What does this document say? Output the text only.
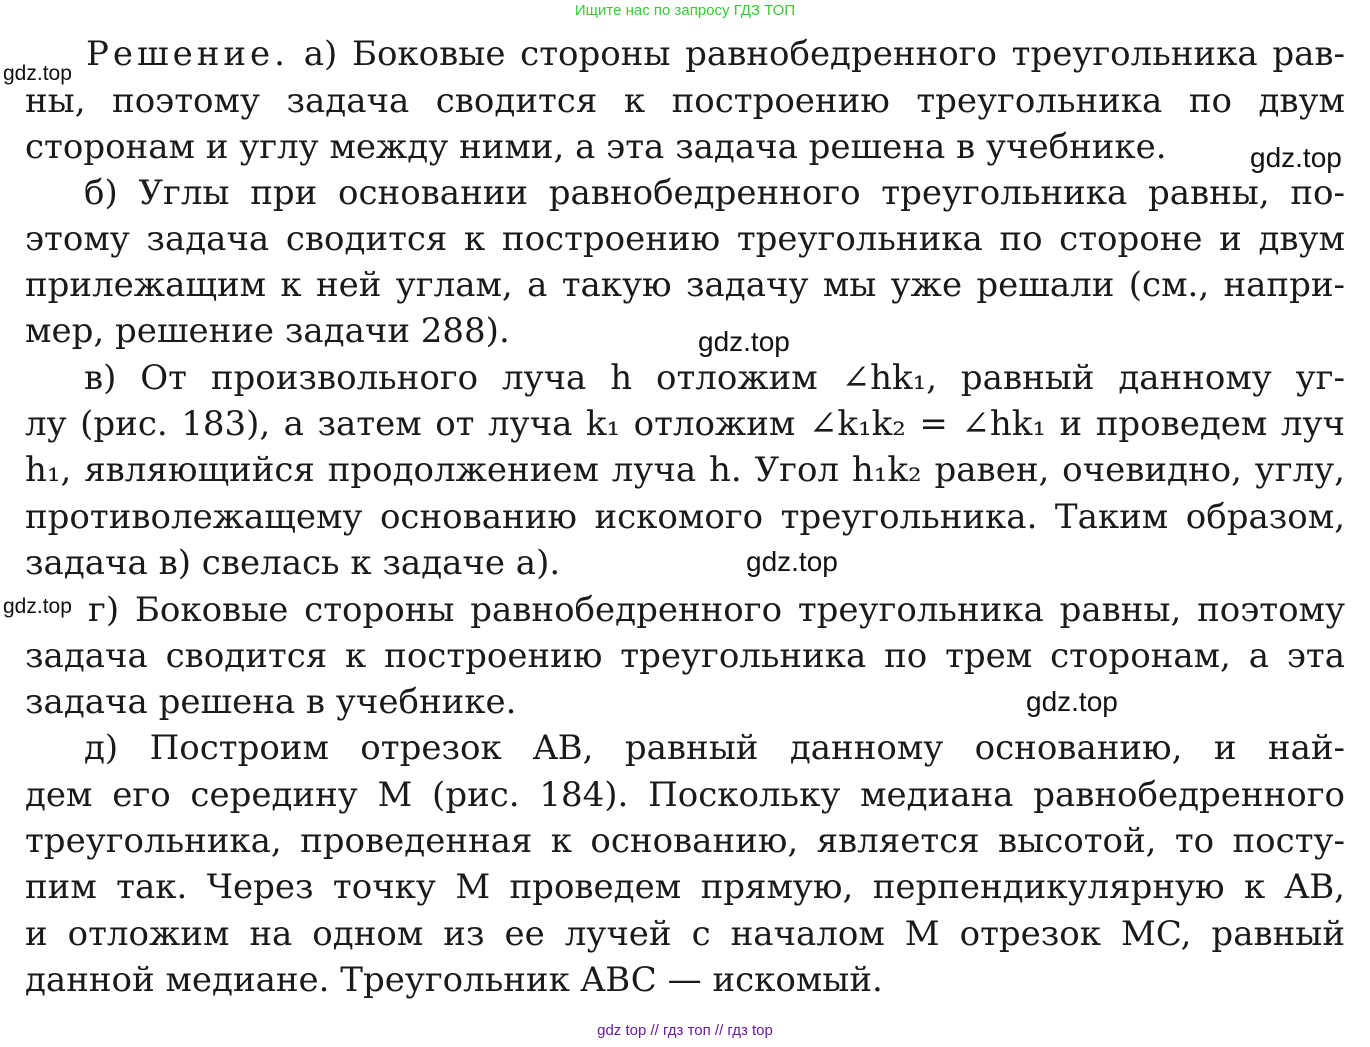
Ищите нас по запросу ГДЗ ТОП
gdz.top
gdz.top
gdz.top
gdz.top
gdz.top
gdz.top
Решение. а) Боковые стороны равнобедренного треугольника рав-
ны, поэтому задача сводится к построению треугольника по двум
сторонам и углу между ними, а эта задача решена в учебнике.
б) Углы при основании равнобедренного треугольника равны, по-
этому задача сводится к построению треугольника по стороне и двум
прилежащим к ней углам, а такую задачу мы уже решали (см., напри-
мер, решение задачи 288).
в) От произвольного луча h отложим ∠hk₁, равный данному уг-
лу (рис. 183), а затем от луча k₁ отложим ∠k₁k₂ = ∠hk₁ и проведем луч
h₁, являющийся продолжением луча h. Угол h₁k₂ равен, очевидно, углу,
противолежащему основанию искомого треугольника. Таким образом,
задача в) свелась к задаче а).
г) Боковые стороны равнобедренного треугольника равны, поэтому
задача сводится к построению треугольника по трем сторонам, а эта
задача решена в учебнике.
д) Построим отрезок AB, равный данному основанию, и най-
дем его середину M (рис. 184). Поскольку медиана равнобедренного
треугольника, проведенная к основанию, является высотой, то посту-
пим так. Через точку M проведем прямую, перпендикулярную к AB,
и отложим на одном из ее лучей с началом M отрезок MC, равный
данной медиане. Треугольник ABC — искомый.
gdz top // гдз топ // гдз top
